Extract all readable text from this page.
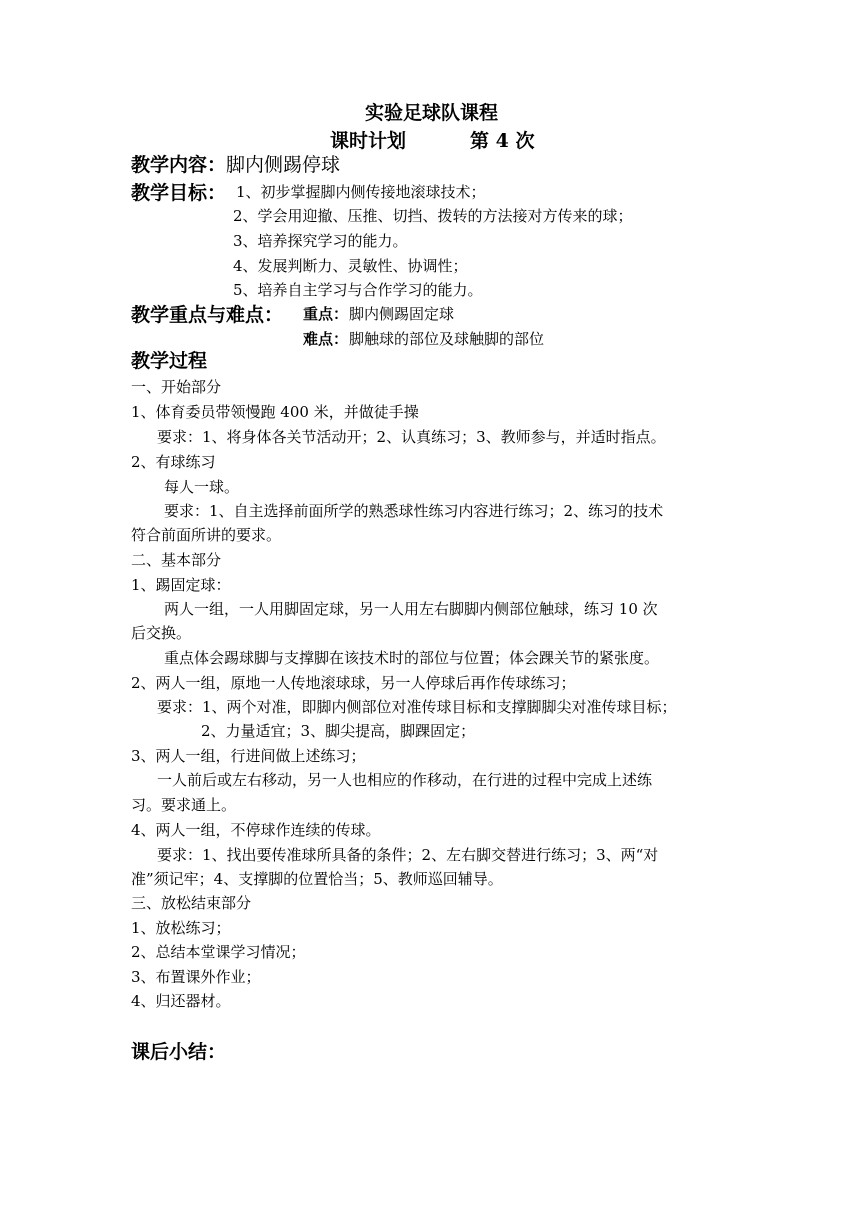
实验足球队课程
课时计划	第 4 次
教学内容： 脚内侧踢停球
教学目标： 1、初步掌握脚内侧传接地滚球技术；
2、学会用迎撤、压推、切挡、拨转的方法接对方传来的球；
3、培养探究学习的能力。
4、发展判断力、灵敏性、协调性；
5、培养自主学习与合作学习的能力。
教学重点与难点： 重点： 脚内侧踢固定球
难点： 脚触球的部位及球触脚的部位
教学过程
一、开始部分
1、体育委员带领慢跑 400 米，并做徒手操
要求：1、将身体各关节活动开；2、认真练习；3、教师参与，并适时指点。
2、有球练习
每人一球。
要求：1、自主选择前面所学的熟悉球性练习内容进行练习；2、练习的技术
符合前面所讲的要求。
二、基本部分
1、踢固定球：
两人一组，一人用脚固定球，另一人用左右脚脚内侧部位触球，练习 10 次
后交换。
重点体会踢球脚与支撑脚在该技术时的部位与位置；体会踝关节的紧张度。
2、两人一组，原地一人传地滚球球，另一人停球后再作传球练习；
要求：1、两个对准，即脚内侧部位对准传球目标和支撑脚脚尖对准传球目标；
2、力量适宜；3、脚尖提高，脚踝固定；
3、两人一组，行进间做上述练习；
一人前后或左右移动，另一人也相应的作移动，在行进的过程中完成上述练
习。要求通上。
4、两人一组，不停球作连续的传球。
要求：1、找出要传准球所具备的条件；2、左右脚交替进行练习；3、两“对
准”须记牢；4、支撑脚的位置恰当；5、教师巡回辅导。
三、放松结束部分
1、放松练习；
2、总结本堂课学习情况；
3、布置课外作业；
4、归还器材。
课后小结：
